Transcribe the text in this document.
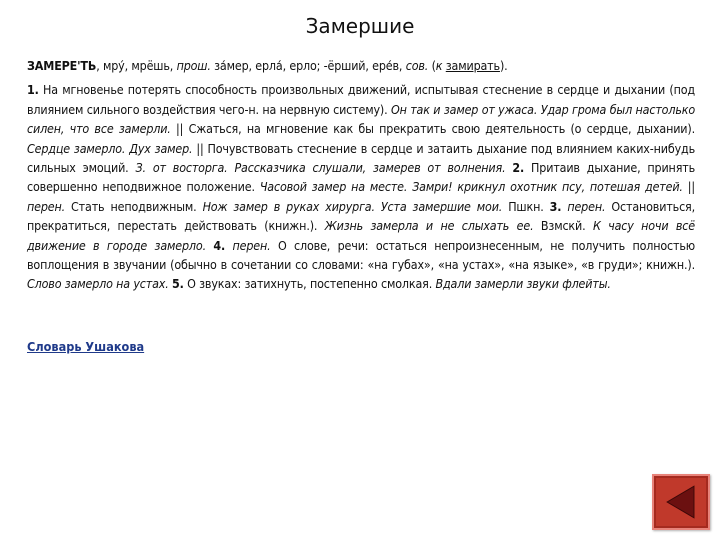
Замершие

ЗАМЕРЕ'ТЬ, мру́, мрёшь, прош. за́мер, ерла́, ерло; -ёрший, ере́в, сов. (к замирать).

1. На мгновенье потерять способность произвольных движений, испытывая стеснение в сердце и дыхании (под влиянием сильного воздействия чего-н. на нервную систему). Он так и замер от ужаса. Удар грома был настолько силен, что все замерли. || Сжаться, на мгновение как бы прекратить свою деятельность (о сердце, дыхании). Сердце замерло. Дух замер. || Почувствовать стеснение в сердце и затаить дыхание под влиянием каких-нибудь сильных эмоций. З. от восторга. Рассказчика слушали, замерев от волнения. 2. Притаив дыхание, принять совершенно неподвижное положение. Часовой замер на месте. Замри! крикнул охотник псу, потешая детей. || перен. Стать неподвижным. Нож замер в руках хирурга. Уста замершие мои. Пшкн. 3. перен. Остановиться, прекратиться, перестать действовать (книжн.). Жизнь замерла и не слыхать ее. Взмскй. К часу ночи всё движение в городе замерло. 4. перен. О слове, речи: остаться непроизнесенным, не получить полностью воплощения в звучании (обычно в сочетании со словами: «на губах», «на устах», «на языке», «в груди»; книжн.). Слово замерло на устах. 5. О звуках: затихнуть, постепенно смолкая. Вдали замерли звуки флейты.

Словарь Ушакова
